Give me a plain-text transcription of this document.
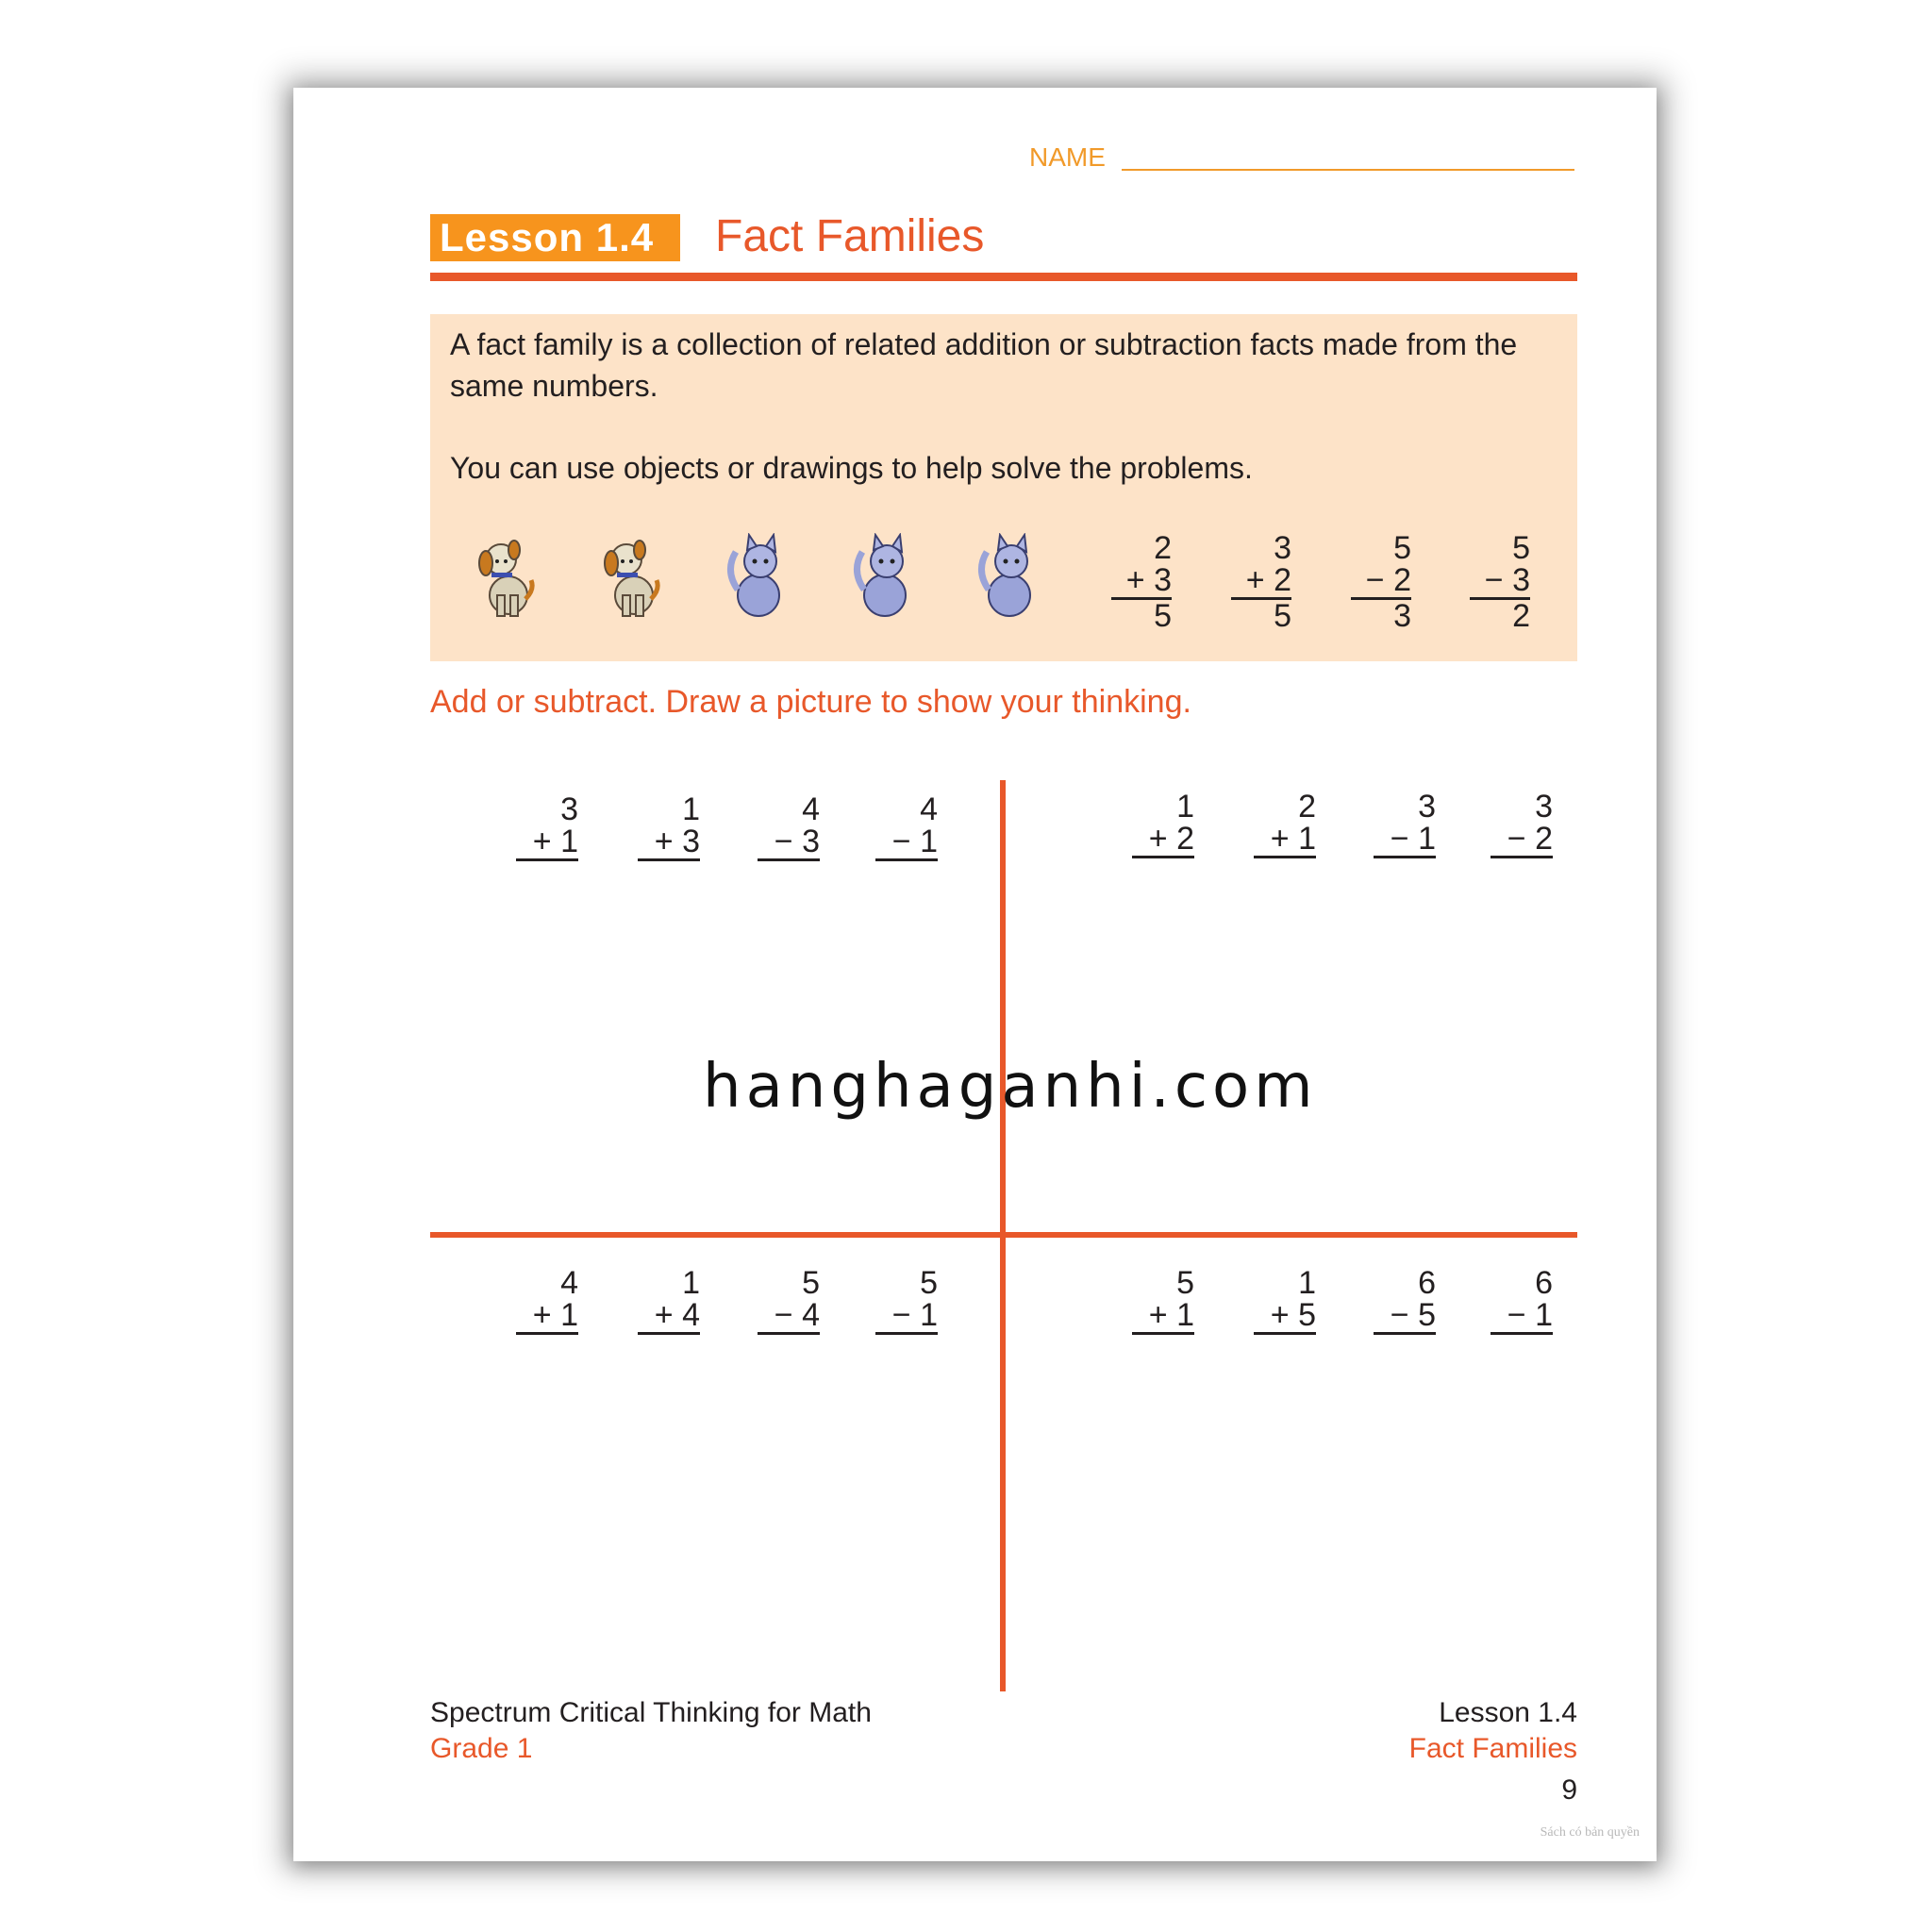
NAME
Lesson 1.4	Fact Families
A fact family is a collection of related addition or subtraction facts made from the same numbers.
You can use objects or drawings to help solve the problems.
2
+ 3
5
3
+ 2
5
5
− 2
3
5
− 3
2
Add or subtract. Draw a picture to show your thinking.
3
+ 1
1
+ 3
4
− 3
4
− 1
1
+ 2
2
+ 1
3
− 1
3
− 2
4
+ 1
1
+ 4
5
− 4
5
− 1
5
+ 1
1
+ 5
6
− 5
6
− 1
Spectrum Critical Thinking for Math
Grade 1
Lesson 1.4
Fact Families
9
Sách có bản quyền
hanghaganhi.com
